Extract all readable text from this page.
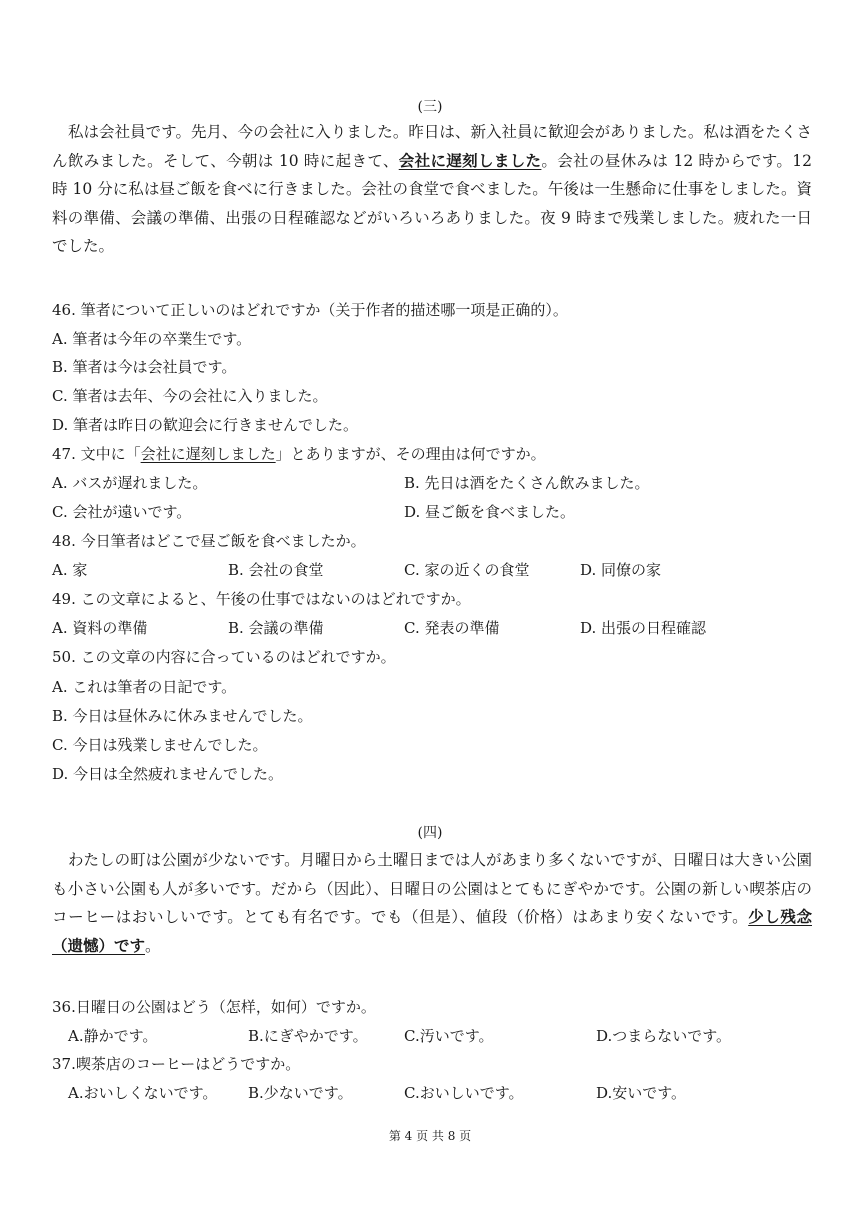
(三)
私は会社員です。先月、今の会社に入りました。昨日は、新入社員に歓迎会がありました。私は酒をたくさん飲みました。そして、今朝は 10 時に起きて、会社に遅刻しました。会社の昼休みは 12 時からです。12 時 10 分に私は昼ご飯を食べに行きました。会社の食堂で食べました。午後は一生懸命に仕事をしました。資料の準備、会議の準備、出張の日程確認などがいろいろありました。夜 9 時まで残業しました。疲れた一日でした。
46. 筆者について正しいのはどれですか（关于作者的描述哪一项是正确的）。
A. 筆者は今年の卒業生です。
B. 筆者は今は会社員です。
C. 筆者は去年、今の会社に入りました。
D. 筆者は昨日の歓迎会に行きませんでした。
47. 文中に「会社に遅刻しました」とありますが、その理由は何ですか。
A. バスが遅れました。	B. 先日は酒をたくさん飲みました。
C. 会社が遠いです。	D. 昼ご飯を食べました。
48. 今日筆者はどこで昼ご飯を食べましたか。
A. 家	B. 会社の食堂	C. 家の近くの食堂	D. 同僚の家
49. この文章によると、午後の仕事ではないのはどれですか。
A. 資料の準備	B. 会議の準備	C. 発表の準備	D. 出張の日程確認
50. この文章の内容に合っているのはどれですか。
A. これは筆者の日記です。
B. 今日は昼休みに休みませんでした。
C. 今日は残業しませんでした。
D. 今日は全然疲れませんでした。
(四)
わたしの町は公園が少ないです。月曜日から土曜日までは人があまり多くないですが、日曜日は大きい公園も小さい公園も人が多いです。だから（因此）、日曜日の公園はとてもにぎやかです。公園の新しい喫茶店のコーヒーはおいしいです。とても有名です。でも（但是）、値段（价格）はあまり安くないです。少し残念（遗憾）です。
36.日曜日の公園はどう（怎样，如何）ですか。
A.静かです。	B.にぎやかです。 C.汚いです。	D.つまらないです。
37.喫茶店のコーヒーはどうですか。
A.おいしくないです。 B.少ないです。	C.おいしいです。	D.安いです。
第 4 页 共 8 页
